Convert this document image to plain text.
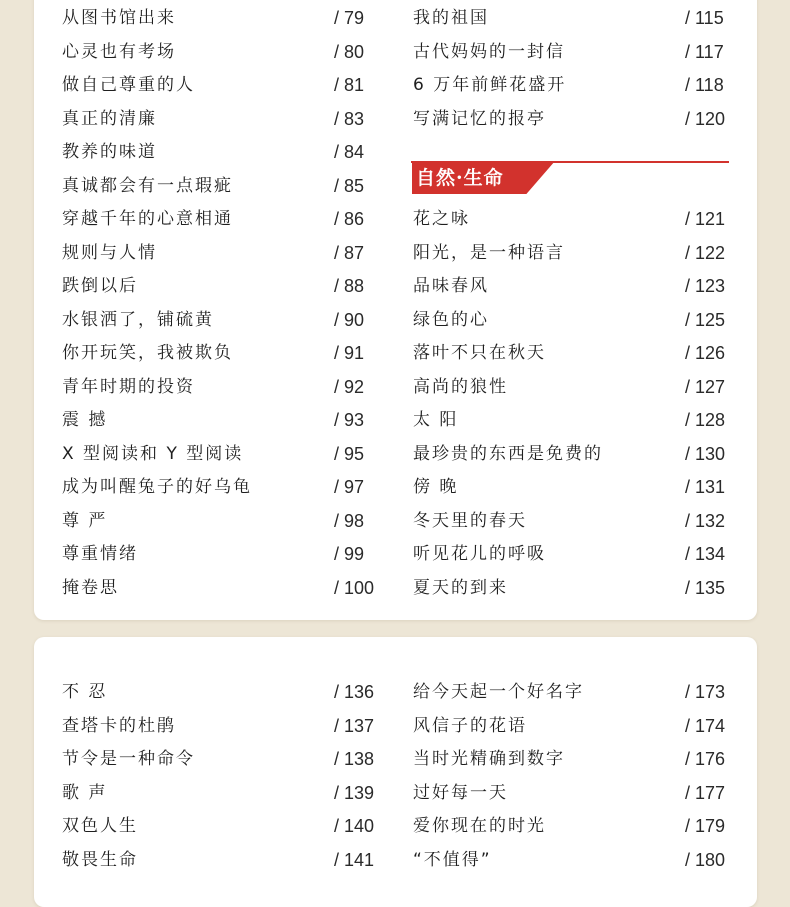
从图书馆出来	/ 79
心灵也有考场	/ 80
做自己尊重的人	/ 81
真正的清廉	/ 83
教养的味道	/ 84
真诚都会有一点瑕疵	/ 85
穿越千年的心意相通	/ 86
规则与人情	/ 87
跌倒以后	/ 88
水银洒了，铺硫黄	/ 90
你开玩笑，我被欺负	/ 91
青年时期的投资	/ 92
震 撼	/ 93
X 型阅读和 Y 型阅读	/ 95
成为叫醒兔子的好乌龟	/ 97
尊 严	/ 98
尊重情绪	/ 99
掩卷思	/ 100
我的祖国	/ 115
古代妈妈的一封信	/ 117
6 万年前鲜花盛开	/ 118
写满记忆的报亭	/ 120
花之咏	/ 121
阳光，是一种语言	/ 122
品味春风	/ 123
绿色的心	/ 125
落叶不只在秋天	/ 126
高尚的狼性	/ 127
太 阳	/ 128
最珍贵的东西是免费的	/ 130
傍 晚	/ 131
冬天里的春天	/ 132
听见花儿的呼吸	/ 134
夏天的到来	/ 135
不 忍	/ 136
查塔卡的杜鹃	/ 137
节令是一种命令	/ 138
歌 声	/ 139
双色人生	/ 140
敬畏生命	/ 141
给今天起一个好名字	/ 173
风信子的花语	/ 174
当时光精确到数字	/ 176
过好每一天	/ 177
爱你现在的时光	/ 179
“不值得”	/ 180
自然·生命
